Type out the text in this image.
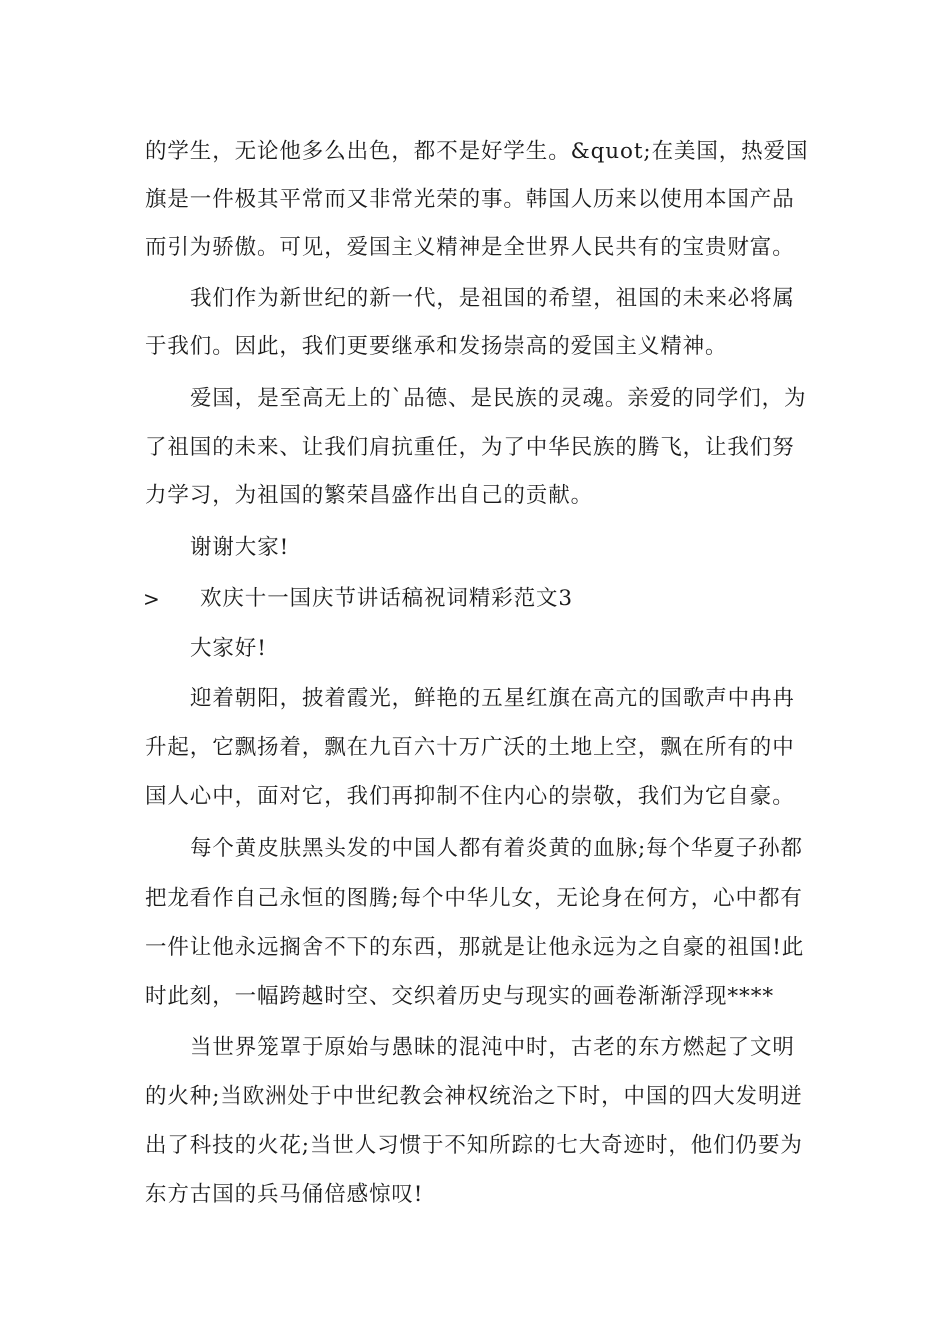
的学生，无论他多么出色，都不是好学生。&quot;在美国，热爱国
旗是一件极其平常而又非常光荣的事。韩国人历来以使用本国产品
而引为骄傲。可见，爱国主义精神是全世界人民共有的宝贵财富。
我们作为新世纪的新一代，是祖国的希望，祖国的未来必将属
于我们。因此，我们更要继承和发扬崇高的爱国主义精神。
爱国，是至高无上的`品德、是民族的灵魂。亲爱的同学们，为
了祖国的未来、让我们肩抗重任，为了中华民族的腾飞，让我们努
力学习，为祖国的繁荣昌盛作出自己的贡献。
谢谢大家!
> 欢庆十一国庆节讲话稿祝词精彩范文3
大家好!
迎着朝阳，披着霞光，鲜艳的五星红旗在高亢的国歌声中冉冉
升起，它飘扬着，飘在九百六十万广沃的土地上空，飘在所有的中
国人心中，面对它，我们再抑制不住内心的崇敬，我们为它自豪。
每个黄皮肤黑头发的中国人都有着炎黄的血脉;每个华夏子孙都
把龙看作自己永恒的图腾;每个中华儿女，无论身在何方，心中都有
一件让他永远搁舍不下的东西，那就是让他永远为之自豪的祖国!此
时此刻，一幅跨越时空、交织着历史与现实的画卷渐渐浮现****
当世界笼罩于原始与愚昧的混沌中时，古老的东方燃起了文明
的火种;当欧洲处于中世纪教会神权统治之下时，中国的四大发明迸
出了科技的火花;当世人习惯于不知所踪的七大奇迹时，他们仍要为
东方古国的兵马俑倍感惊叹!
